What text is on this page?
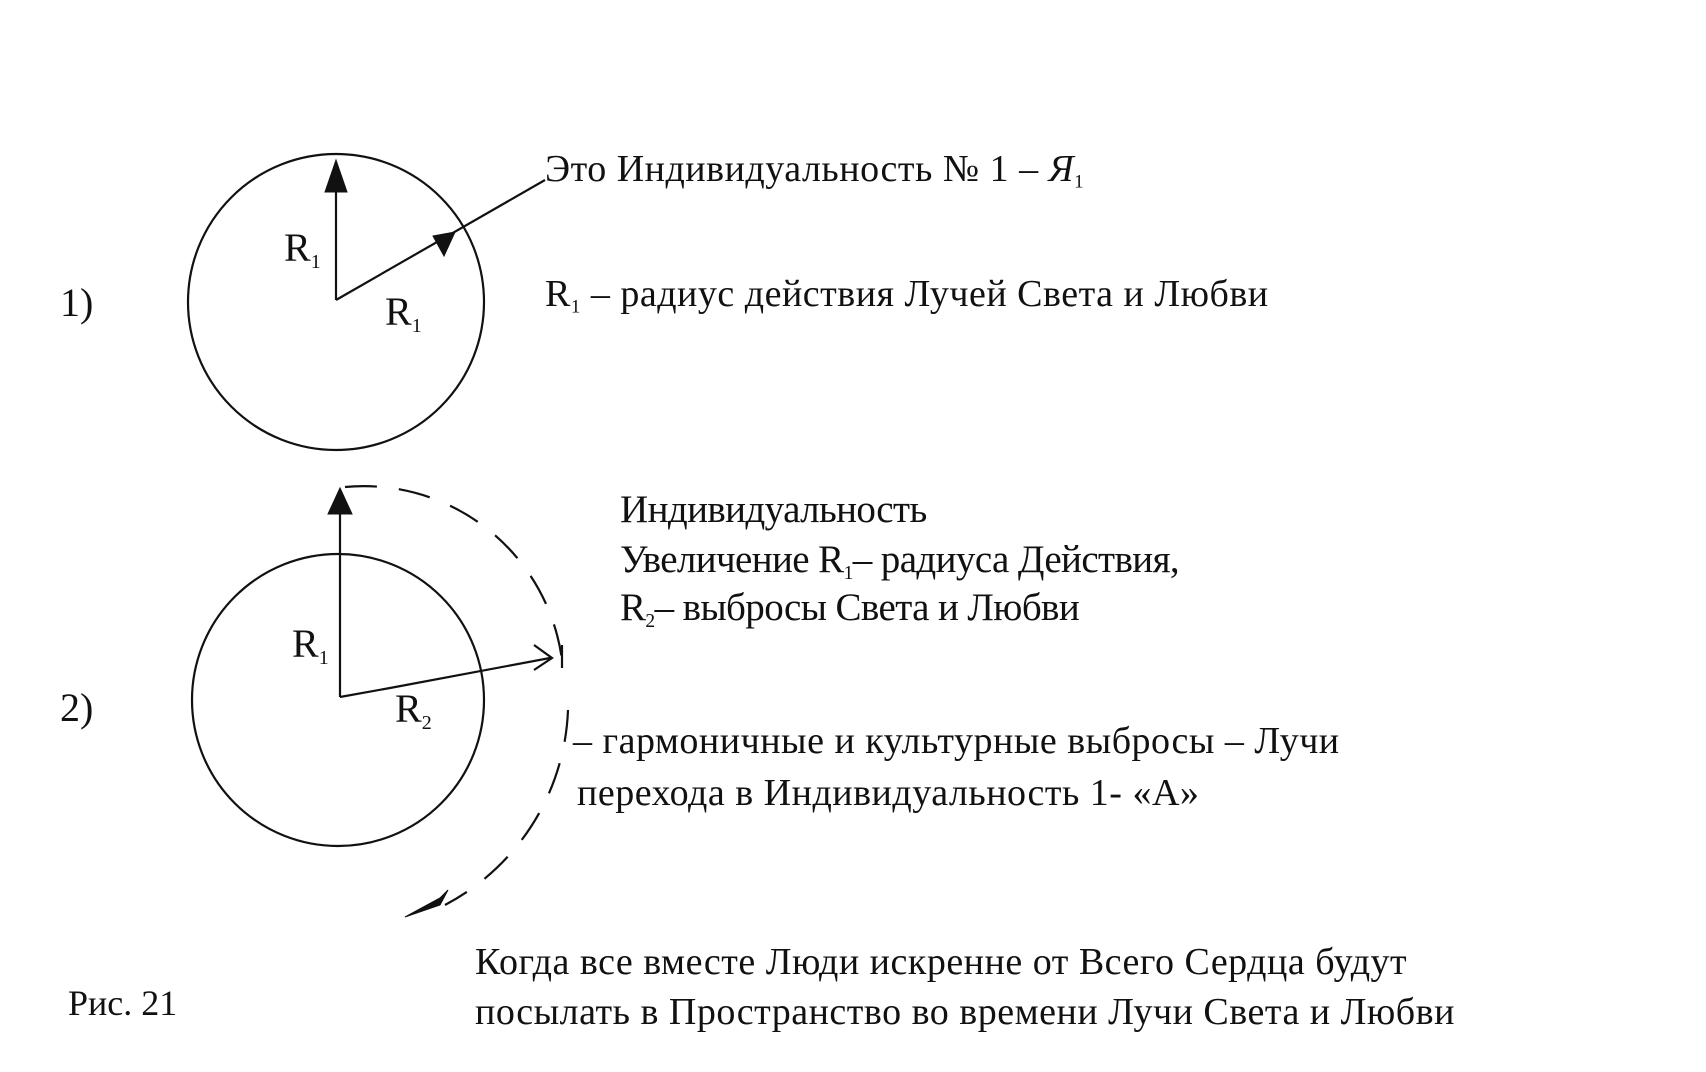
1)
$R_1$
$R_1$
Это Индивидуальность № $1 - Я_1$
$R_1$ – радиус действия Лучей Света и Любви
2)
$R_1$
$R_2$
Индивидуальность
Увеличение $R_1-$ радиуса Действия,
$R_2-$ выбросы Света и Любви
– гармоничные и культурные выбросы – Лучи
перехода в Индивидуальность 1- «А»
Рис. 21
Когда все вместе Люди искренне от Всего Сердца будут
посылать в Пространство во времени Лучи Света и Любви
